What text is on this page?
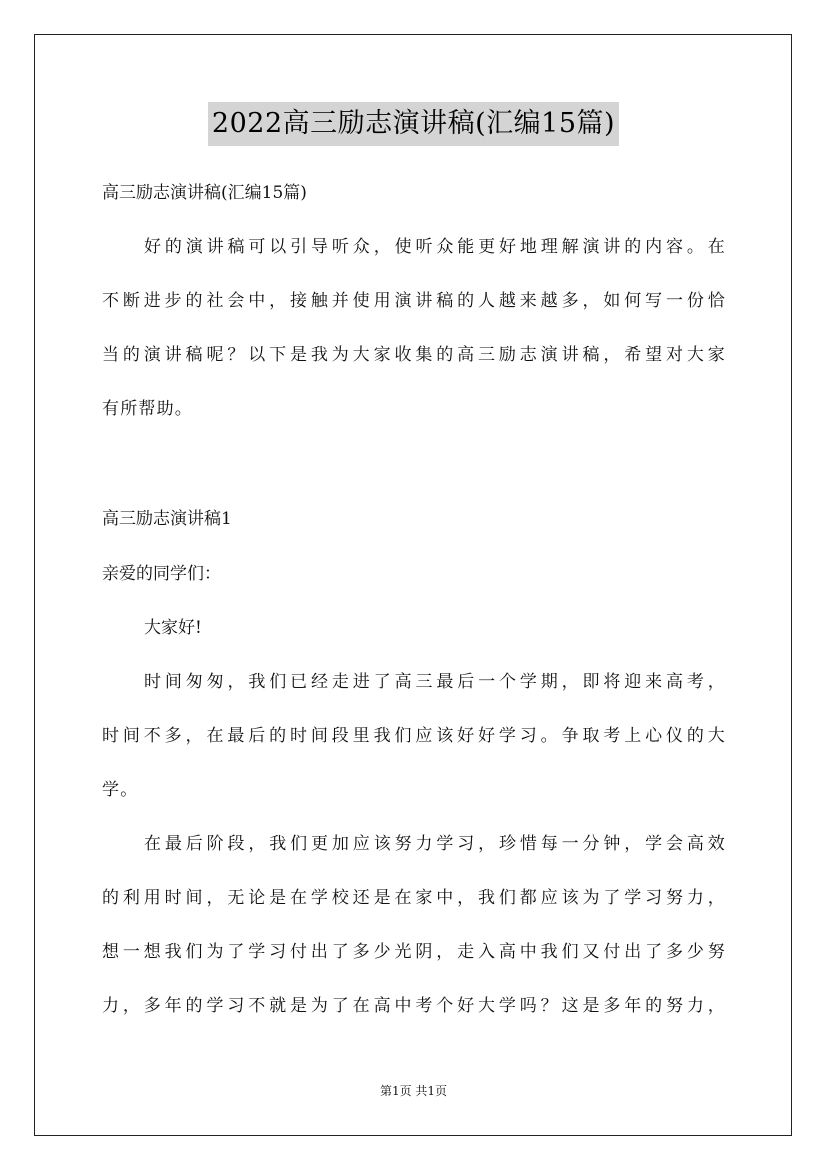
2022高三励志演讲稿(汇编15篇)
高三励志演讲稿(汇编15篇)
好的演讲稿可以引导听众，使听众能更好地理解演讲的内容。在
不断进步的社会中，接触并使用演讲稿的人越来越多，如何写一份恰
当的演讲稿呢？以下是我为大家收集的高三励志演讲稿，希望对大家
有所帮助。
高三励志演讲稿1
亲爱的同学们：
大家好!
时间匆匆，我们已经走进了高三最后一个学期，即将迎来高考，
时间不多，在最后的时间段里我们应该好好学习。争取考上心仪的大
学。
在最后阶段，我们更加应该努力学习，珍惜每一分钟，学会高效
的利用时间，无论是在学校还是在家中，我们都应该为了学习努力，
想一想我们为了学习付出了多少光阴，走入高中我们又付出了多少努
力，多年的学习不就是为了在高中考个好大学吗？这是多年的努力，
第1页 共1页
